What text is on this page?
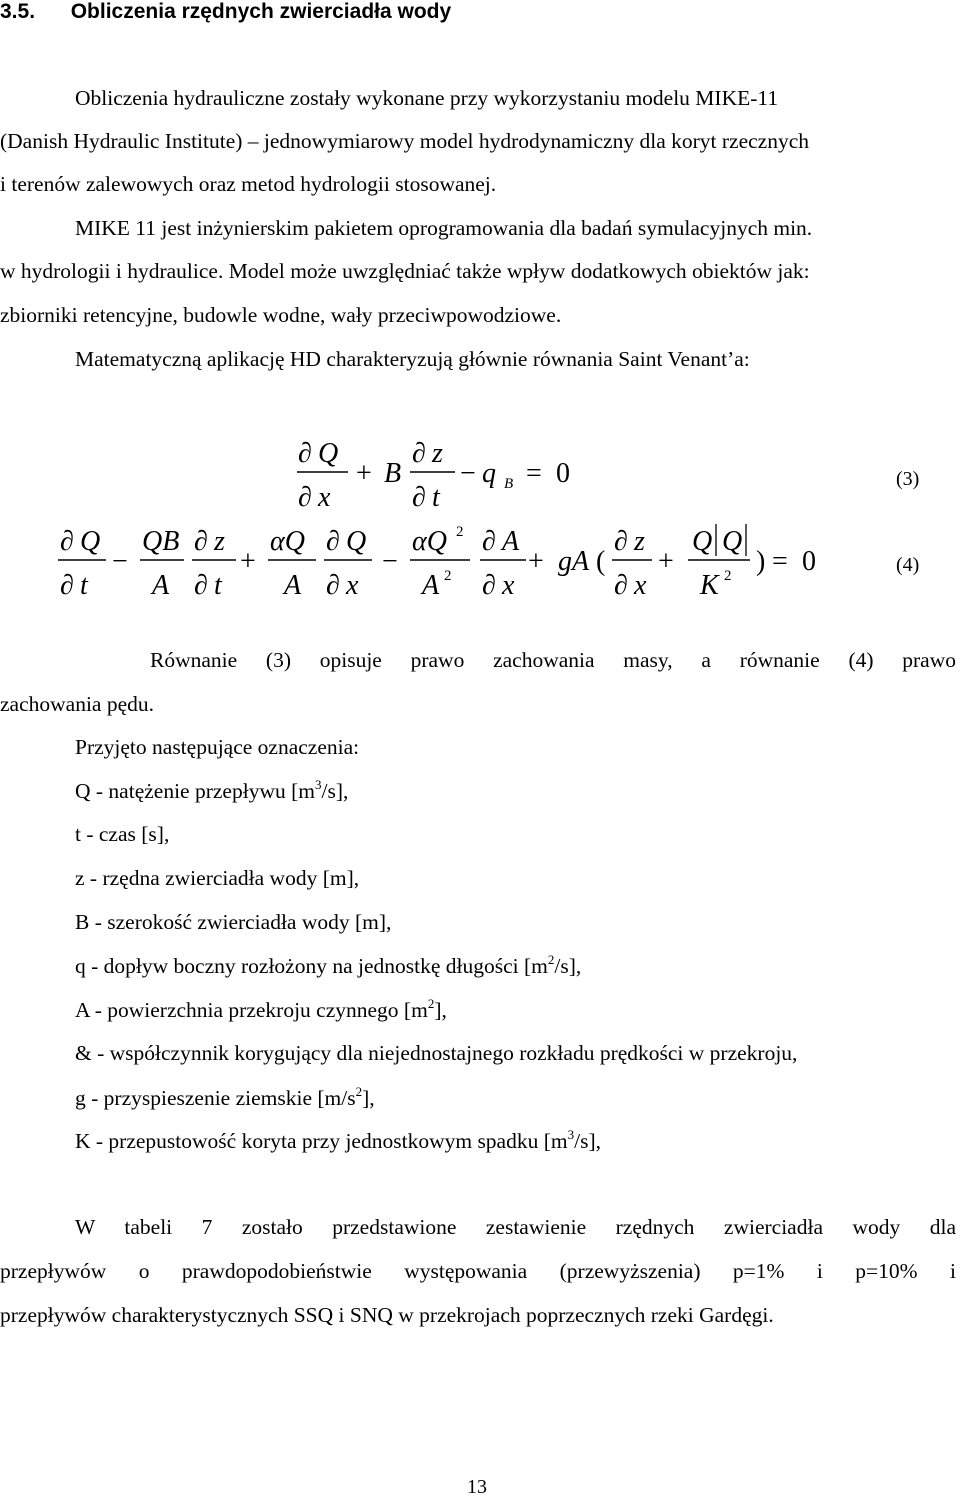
3.5. Obliczenia rzędnych zwierciadła wody
Obliczenia hydrauliczne zostały wykonane przy wykorzystaniu modelu MIKE-11
(Danish Hydraulic Institute) – jednowymiarowy model hydrodynamiczny dla koryt rzecznych
i terenów zalewowych oraz metod hydrologii stosowanej.
MIKE 11 jest inżynierskim pakietem oprogramowania dla badań symulacyjnych min.
w hydrologii i hydraulice. Model może uwzględniać także wpływ dodatkowych obiektów jak:
zbiorniki retencyjne, budowle wodne, wały przeciwpowodziowe.
Matematyczną aplikację HD charakteryzują głównie równania Saint Venant’a:
∂ Q
∂ x
+ B
∂ z
∂ t
− q B = 0	(3)
∂ Q
∂ t
−
QB
A
∂ z
∂ t
+
αQ
A
∂ Q
∂ x
−
αQ 2
A 2
∂ A
∂ x
+ gA (
∂ z
∂ x
+
Q Q
K 2 ) = 0	(4)
Równanie (3) opisuje prawo zachowania masy, a równanie (4) prawo
zachowania pędu.
Przyjęto następujące oznaczenia:
Q - natężenie przepływu $[m^3/s]$,
t - czas [s],
z - rzędna zwierciadła wody [m],
B - szerokość zwierciadła wody [m],
q - dopływ boczny rozłożony na jednostkę długości $[m^2/s]$,
A - powierzchnia przekroju czynnego $[m^2]$,
& - współczynnik korygujący dla niejednostajnego rozkładu prędkości w przekroju,
g - przyspieszenie ziemskie $[m/s^2]$,
K - przepustowość koryta przy jednostkowym spadku $[m^3/s]$,
W tabeli 7 zostało przedstawione zestawienie rzędnych zwierciadła wody dla
przepływów o prawdopodobieństwie występowania (przewyższenia) p=1% i p=10% i
przepływów charakterystycznych SSQ i SNQ w przekrojach poprzecznych rzeki Gardęgi.
13
